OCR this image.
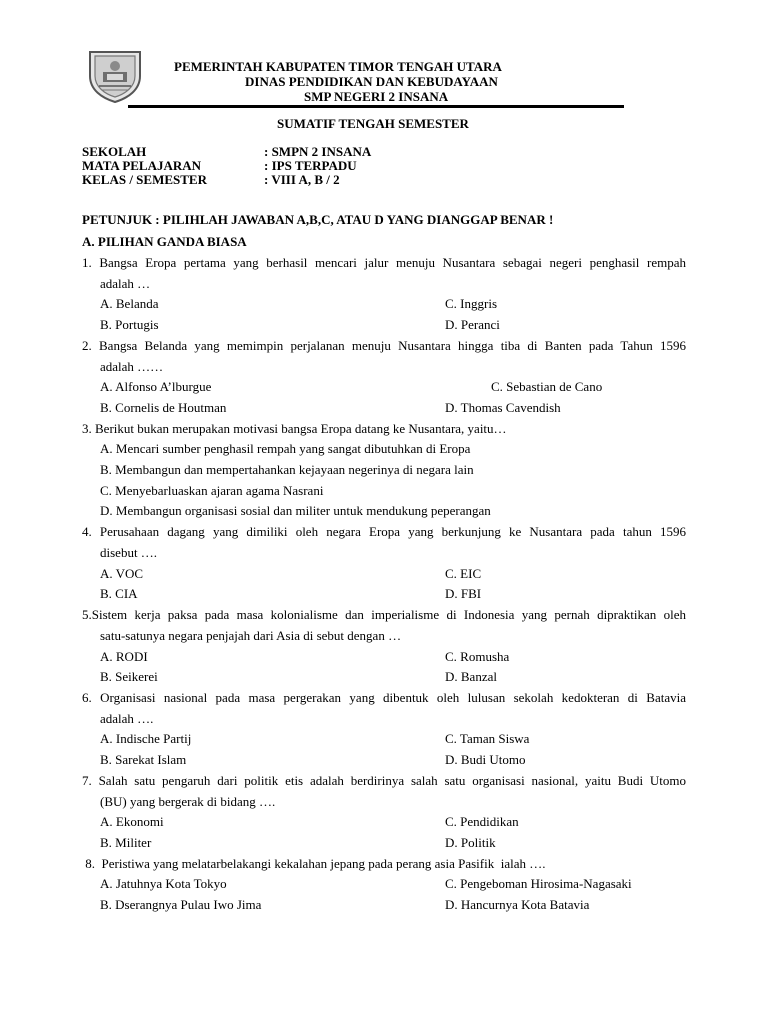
PEMERINTAH KABUPATEN TIMOR TENGAH UTARA
DINAS PENDIDIKAN DAN KEBUDAYAAN
SMP NEGERI 2 INSANA
SUMATIF TENGAH SEMESTER
SEKOLAH	: SMPN 2 INSANA
MATA PELAJARAN	: IPS TERPADU
KELAS / SEMESTER	: VIII A, B / 2
PETUNJUK : PILIHLAH JAWABAN A,B,C, ATAU D YANG DIANGGAP BENAR !
A. PILIHAN GANDA BIASA
1. Bangsa Eropa pertama yang berhasil mencari jalur menuju Nusantara sebagai negeri penghasil rempah
adalah …
A. Belanda	C. Inggris
B. Portugis	D. Peranci
2. Bangsa Belanda yang memimpin perjalanan menuju Nusantara hingga tiba di Banten pada Tahun 1596
adalah ……
A. Alfonso A’lburgue	C. Sebastian de Cano
B. Cornelis de Houtman	D. Thomas Cavendish
3. Berikut bukan merupakan motivasi bangsa Eropa datang ke Nusantara, yaitu…
A. Mencari sumber penghasil rempah yang sangat dibutuhkan di Eropa
B. Membangun dan mempertahankan kejayaan negerinya di negara lain
C. Menyebarluaskan ajaran agama Nasrani
D. Membangun organisasi sosial dan militer untuk mendukung peperangan
4. Perusahaan dagang yang dimiliki oleh negara Eropa yang berkunjung ke Nusantara pada tahun 1596
disebut ….
A. VOC	C. EIC
B. CIA	D. FBI
5.Sistem kerja paksa pada masa kolonialisme dan imperialisme di Indonesia yang pernah dipraktikan oleh
satu-satunya negara penjajah dari Asia di sebut dengan …
A. RODI	C. Romusha
B. Seikerei	D. Banzal
6. Organisasi nasional pada masa pergerakan yang dibentuk oleh lulusan sekolah kedokteran di Batavia
adalah ….
A. Indische Partij	C. Taman Siswa
B. Sarekat Islam	D. Budi Utomo
7. Salah satu pengaruh dari politik etis adalah berdirinya salah satu organisasi nasional, yaitu Budi Utomo
(BU) yang bergerak di bidang ….
A. Ekonomi	C. Pendidikan
B. Militer	D. Politik
8.  Peristiwa yang melatarbelakangi kekalahan jepang pada perang asia Pasifik  ialah ….
A. Jatuhnya Kota Tokyo	C. Pengeboman Hirosima-Nagasaki
B. Dserangnya Pulau Iwo Jima	D. Hancurnya Kota Batavia
